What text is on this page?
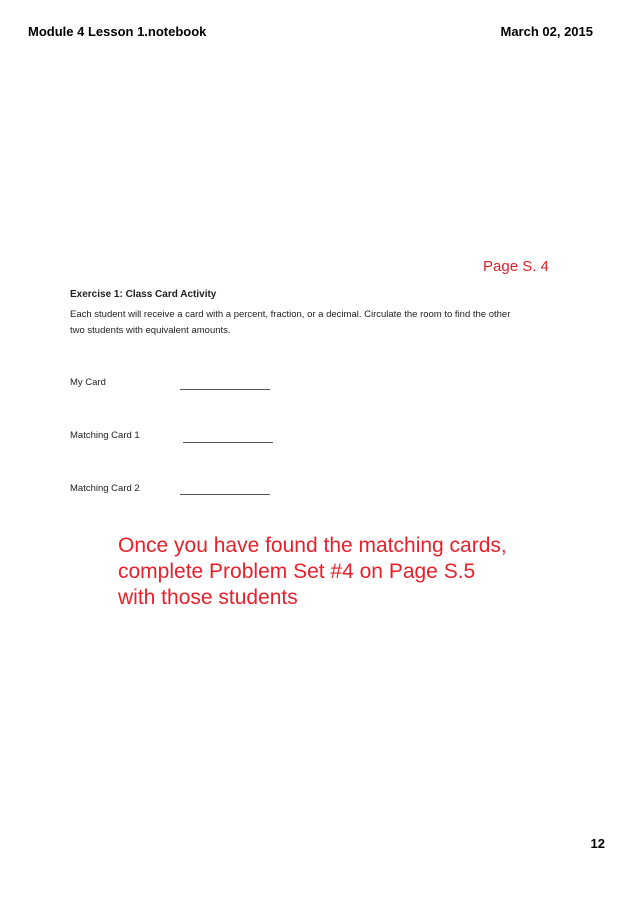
Module 4 Lesson 1.notebook	March 02, 2015
Page S. 4

Exercise 1: Class Card Activity

Each student will receive a card with a percent, fraction, or a decimal. Circulate the room to find the other

two students with equivalent amounts.

My Card
Matching Card 1
Matching Card 2
Once you have found the matching cards,
complete Problem Set #4 on Page S.5
with those students
12
